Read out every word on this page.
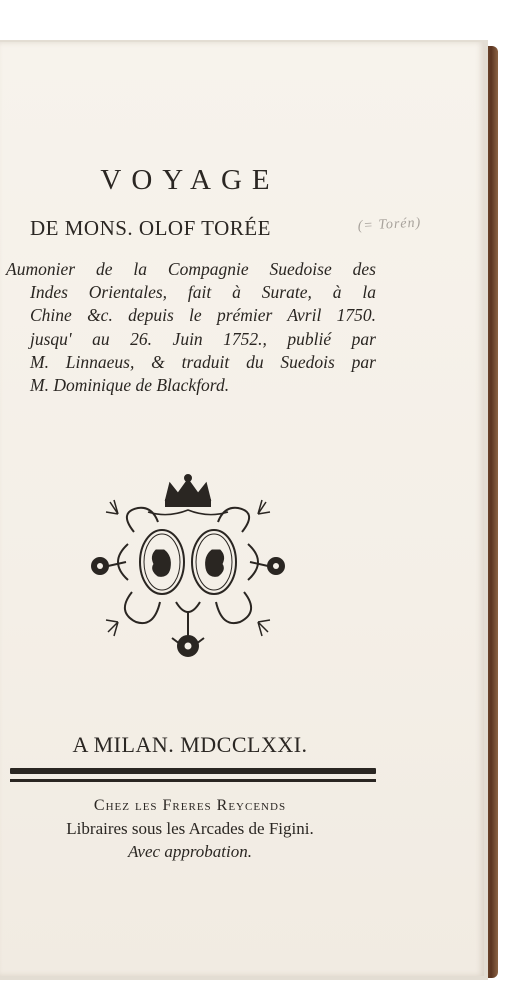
VOYAGE
DE MONS. OLOF TORÉE	(= Torén)
Aumonier de la Compagnie Suedoise des
Indes Orientales, fait à Surate, à la
Chine &c. depuis le prémier Avril 1750.
jusqu' au 26. Juin 1752., publié par
M. Linnaeus, & traduit du Suedois par
M. Dominique de Blackford.
A MILAN. MDCCLXXI.
Chez les Freres Reycends
Libraires sous les Arcades de Figini.
Avec approbation.
